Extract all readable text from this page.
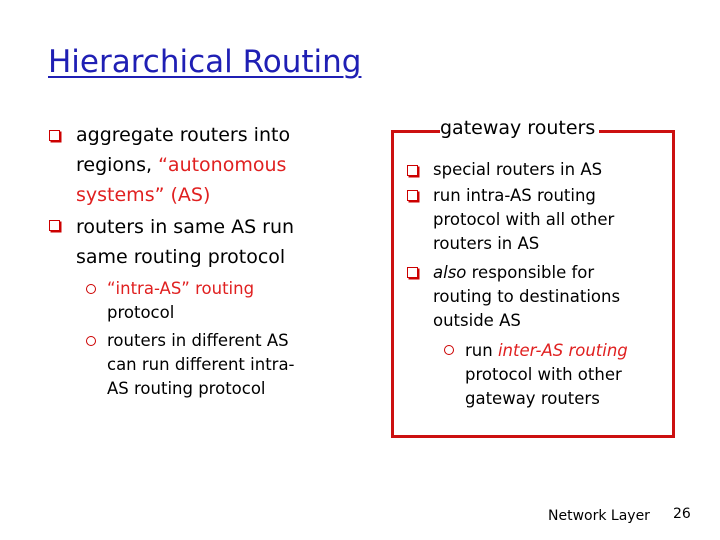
Hierarchical Routing
aggregate routers into
regions, “autonomous
systems” (AS)
routers in same AS run
same routing protocol
“intra-AS” routing
protocol
routers in different AS
can run different intra-
AS routing protocol
gateway routers
special routers in AS
run intra-AS routing
protocol with all other
routers in AS
also responsible for
routing to destinations
outside AS
run inter-AS routing
protocol with other
gateway routers
Network Layer 26
